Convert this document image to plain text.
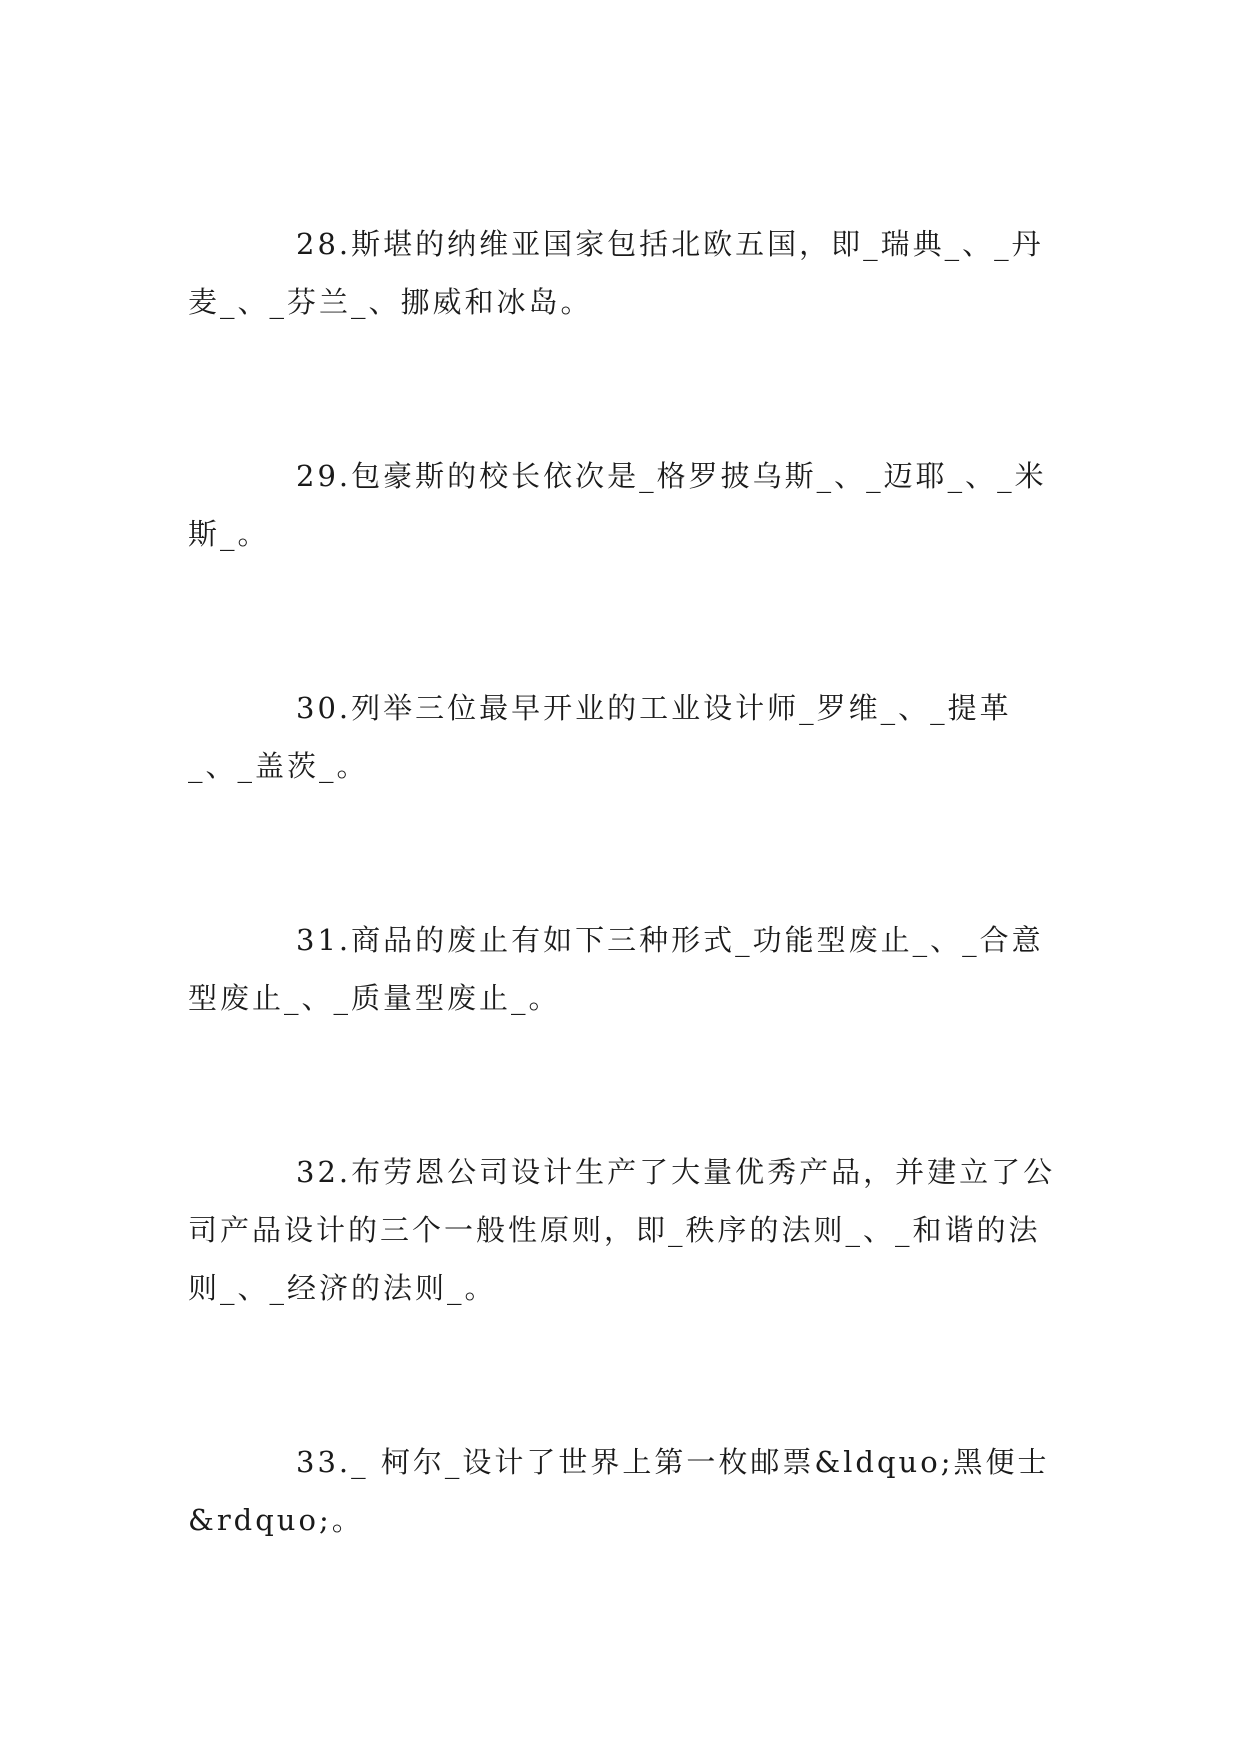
28.斯堪的纳维亚国家包括北欧五国，即_瑞典_、_丹麦_、_芬兰_、挪威和冰岛。

29.包豪斯的校长依次是_格罗披乌斯_、_迈耶_、_米斯_。

30.列举三位最早开业的工业设计师_罗维_、_提革_、_盖茨_。

31.商品的废止有如下三种形式_功能型废止_、_合意型废止_、_质量型废止_。

32.布劳恩公司设计生产了大量优秀产品，并建立了公司产品设计的三个一般性原则，即_秩序的法则_、_和谐的法则_、_经济的法则_。

33._ 柯尔_设计了世界上第一枚邮票&ldquo;黑便士&rdquo;。
